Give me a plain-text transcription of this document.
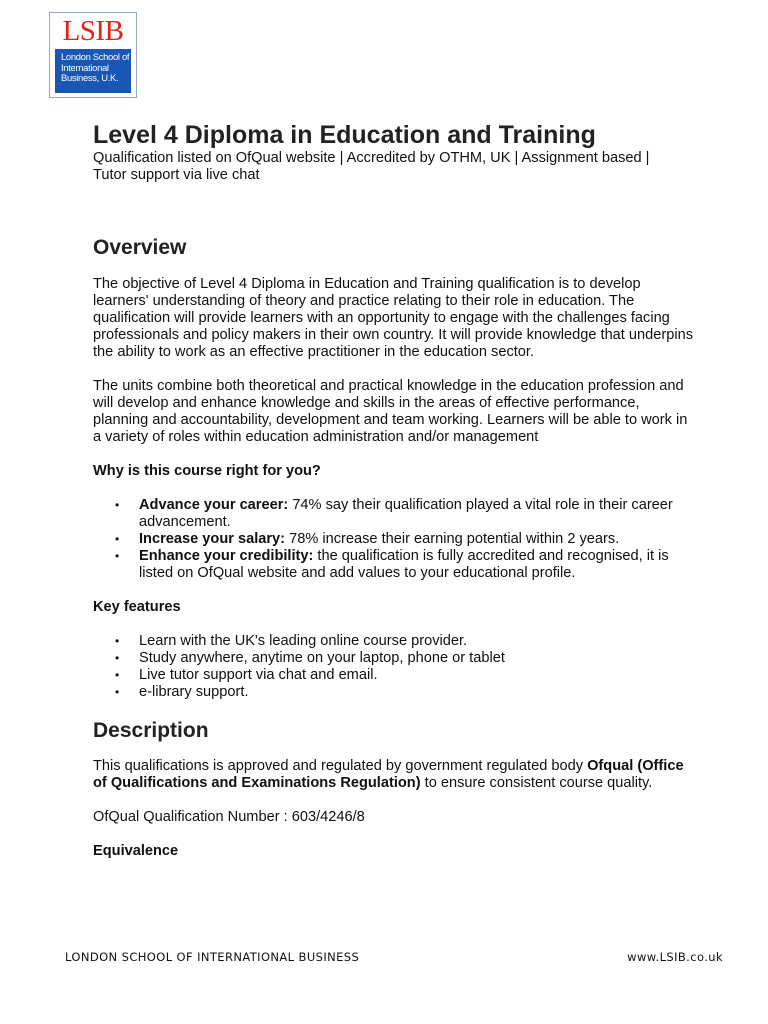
LSIB
London School of
International
Business, U.K.
Level 4 Diploma in Education and Training
Qualification listed on OfQual website | Accredited by OTHM, UK | Assignment based | Tutor support via live chat
Overview
The objective of Level 4 Diploma in Education and Training qualification is to develop learners' understanding of theory and practice relating to their role in education. The qualification will provide learners with an opportunity to engage with the challenges facing professionals and policy makers in their own country. It will provide knowledge that underpins the ability to work as an effective practitioner in the education sector.
The units combine both theoretical and practical knowledge in the education profession and will develop and enhance knowledge and skills in the areas of effective performance, planning and accountability, development and team working. Learners will be able to work in a variety of roles within education administration and/or management
Why is this course right for you?
• Advance your career: 74% say their qualification played a vital role in their career advancement.
• Increase your salary: 78% increase their earning potential within 2 years.
• Enhance your credibility: the qualification is fully accredited and recognised, it is listed on OfQual website and add values to your educational profile.
Key features
• Learn with the UK's leading online course provider.
• Study anywhere, anytime on your laptop, phone or tablet
• Live tutor support via chat and email.
• e-library support.
Description
This qualifications is approved and regulated by government regulated body Ofqual (Office of Qualifications and Examinations Regulation) to ensure consistent course quality.
OfQual Qualification Number : 603/4246/8
Equivalence
LONDON SCHOOL OF INTERNATIONAL BUSINESS	www.LSIB.co.uk
